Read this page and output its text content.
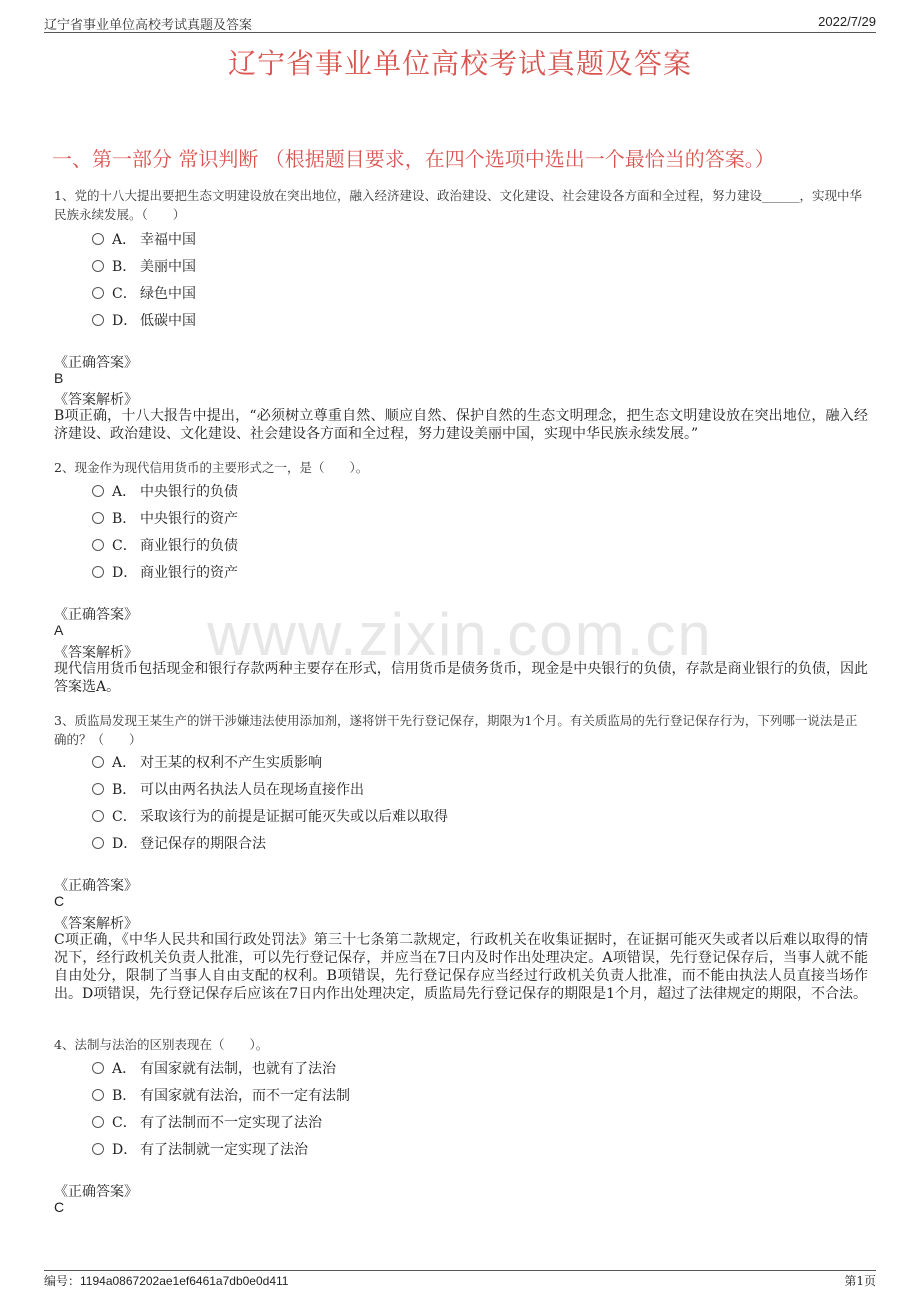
辽宁省事业单位高校考试真题及答案	2022/7/29
辽宁省事业单位高校考试真题及答案
一、第一部分 常识判断 （根据题目要求，在四个选项中选出一个最恰当的答案。）
www.zixin.com.cn
1、党的十八大提出要把生态文明建设放在突出地位，融入经济建设、政治建设、文化建设、社会建设各方面和全过程，努力建设______，实现中华民族永续发展。（　　）
A． 幸福中国
B． 美丽中国
C． 绿色中国
D． 低碳中国
《正确答案》
B
《答案解析》
B项正确，十八大报告中提出，“必须树立尊重自然、顺应自然、保护自然的生态文明理念，把生态文明建设放在突出地位，融入经济建设、政治建设、文化建设、社会建设各方面和全过程，努力建设美丽中国，实现中华民族永续发展。”
2、现金作为现代信用货币的主要形式之一，是（　　）。
A． 中央银行的负债
B． 中央银行的资产
C． 商业银行的负债
D． 商业银行的资产
《正确答案》
A
《答案解析》
现代信用货币包括现金和银行存款两种主要存在形式，信用货币是债务货币，现金是中央银行的负债，存款是商业银行的负债，因此答案选A。
3、质监局发现王某生产的饼干涉嫌违法使用添加剂，遂将饼干先行登记保存，期限为1个月。有关质监局的先行登记保存行为，下列哪一说法是正确的？（　　）
A． 对王某的权利不产生实质影响
B． 可以由两名执法人员在现场直接作出
C． 采取该行为的前提是证据可能灭失或以后难以取得
D． 登记保存的期限合法
《正确答案》
C
《答案解析》
C项正确，《中华人民共和国行政处罚法》第三十七条第二款规定，行政机关在收集证据时，在证据可能灭失或者以后难以取得的情况下，经行政机关负责人批准，可以先行登记保存，并应当在7日内及时作出处理决定。A项错误，先行登记保存后，当事人就不能自由处分，限制了当事人自由支配的权利。B项错误，先行登记保存应当经过行政机关负责人批准，而不能由执法人员直接当场作出。D项错误，先行登记保存后应该在7日内作出处理决定，质监局先行登记保存的期限是1个月，超过了法律规定的期限，不合法。
4、法制与法治的区别表现在（　　）。
A． 有国家就有法制，也就有了法治
B． 有国家就有法治，而不一定有法制
C． 有了法制而不一定实现了法治
D． 有了法制就一定实现了法治
《正确答案》
C
编号：1194a0867202ae1ef6461a7db0e0d411	第1页
